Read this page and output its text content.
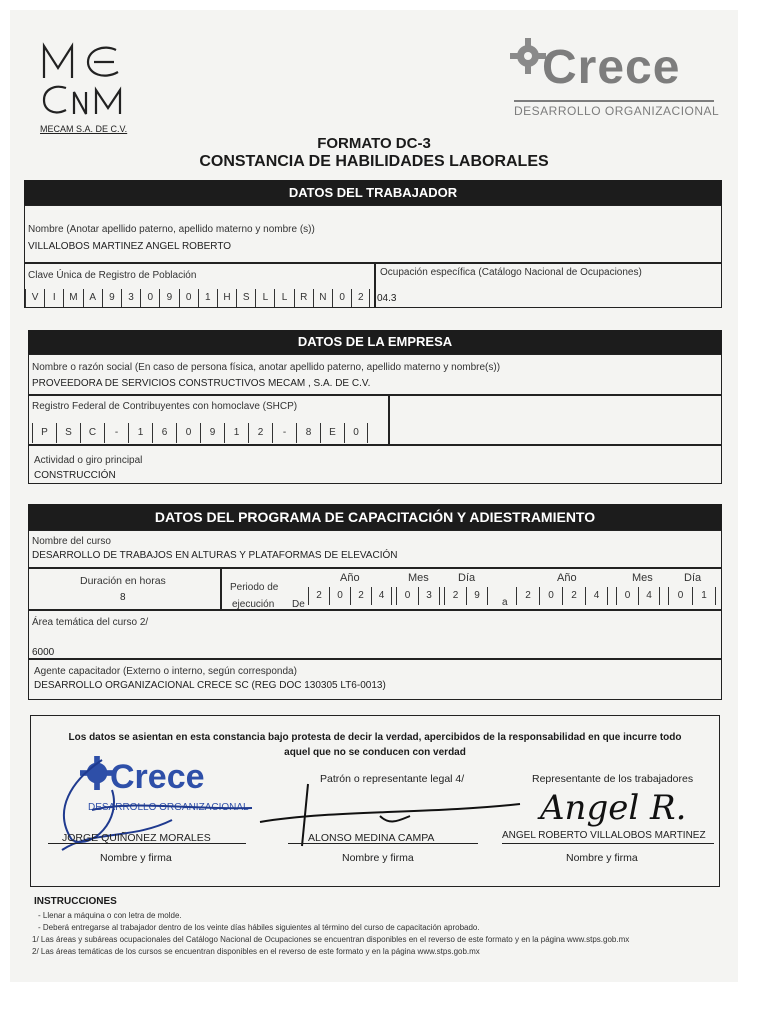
MECAM S.A. DE C.V.
Crece
DESARROLLO ORGANIZACIONAL
FORMATO DC-3
CONSTANCIA DE HABILIDADES LABORALES
DATOS DEL TRABAJADOR
Nombre (Anotar apellido paterno, apellido materno y nombre (s))
VILLALOBOS MARTINEZ ANGEL ROBERTO
Clave Única de Registro de Población
V	I	M	A	9	3	0	9	0	1	H	S	L	L	R	N	0	2
Ocupación específica (Catálogo Nacional de Ocupaciones)
04.3
DATOS DE LA EMPRESA
Nombre o razón social (En caso de persona física, anotar apellido paterno, apellido materno y nombre(s))
PROVEEDORA DE SERVICIOS CONSTRUCTIVOS MECAM , S.A. DE C.V.
Registro Federal de Contribuyentes con homoclave (SHCP)
P	S	C	-	1	6	0	9	1	2	-	8	E	0
Actividad o giro principal
CONSTRUCCIÓN
DATOS DEL PROGRAMA DE CAPACITACIÓN Y ADIESTRAMIENTO
Nombre del curso
DESARROLLO DE TRABAJOS EN ALTURAS Y PLATAFORMAS DE ELEVACIÓN
Duración en horas
8
Periodo de
ejecución De	a
Año	Mes	Día	Año	Mes	Día
2	0	2	4	0	3	2	9	2	0	2	4	0	4	0	1
Área temática del curso 2/
6000
Agente capacitador (Externo o interno, según corresponda)
DESARROLLO ORGANIZACIONAL CRECE SC (REG DOC 130305 LT6-0013)
Los datos se asientan en esta constancia bajo protesta de decir la verdad, apercibidos de la responsabilidad en que incurre todo
aquel que no se conducen con verdad
Crece
DESARROLLO ORGANIZACIONAL
JORGE QUIÑONEZ MORALES
Nombre y firma
Patrón o representante legal 4/
ALONSO MEDINA CAMPA
Nombre y firma
Representante de los trabajadores
Angel R.
ANGEL ROBERTO VILLALOBOS MARTINEZ
Nombre y firma
INSTRUCCIONES
- Llenar a máquina o con letra de molde.
- Deberá entregarse al trabajador dentro de los veinte días hábiles siguientes al término del curso de capacitación aprobado.
1/ Las áreas y subáreas ocupacionales del Catálogo Nacional de Ocupaciones se encuentran disponibles en el reverso de este formato y en la página www.stps.gob.mx
2/ Las áreas temáticas de los cursos se encuentran disponibles en el reverso de este formato y en la página www.stps.gob.mx
